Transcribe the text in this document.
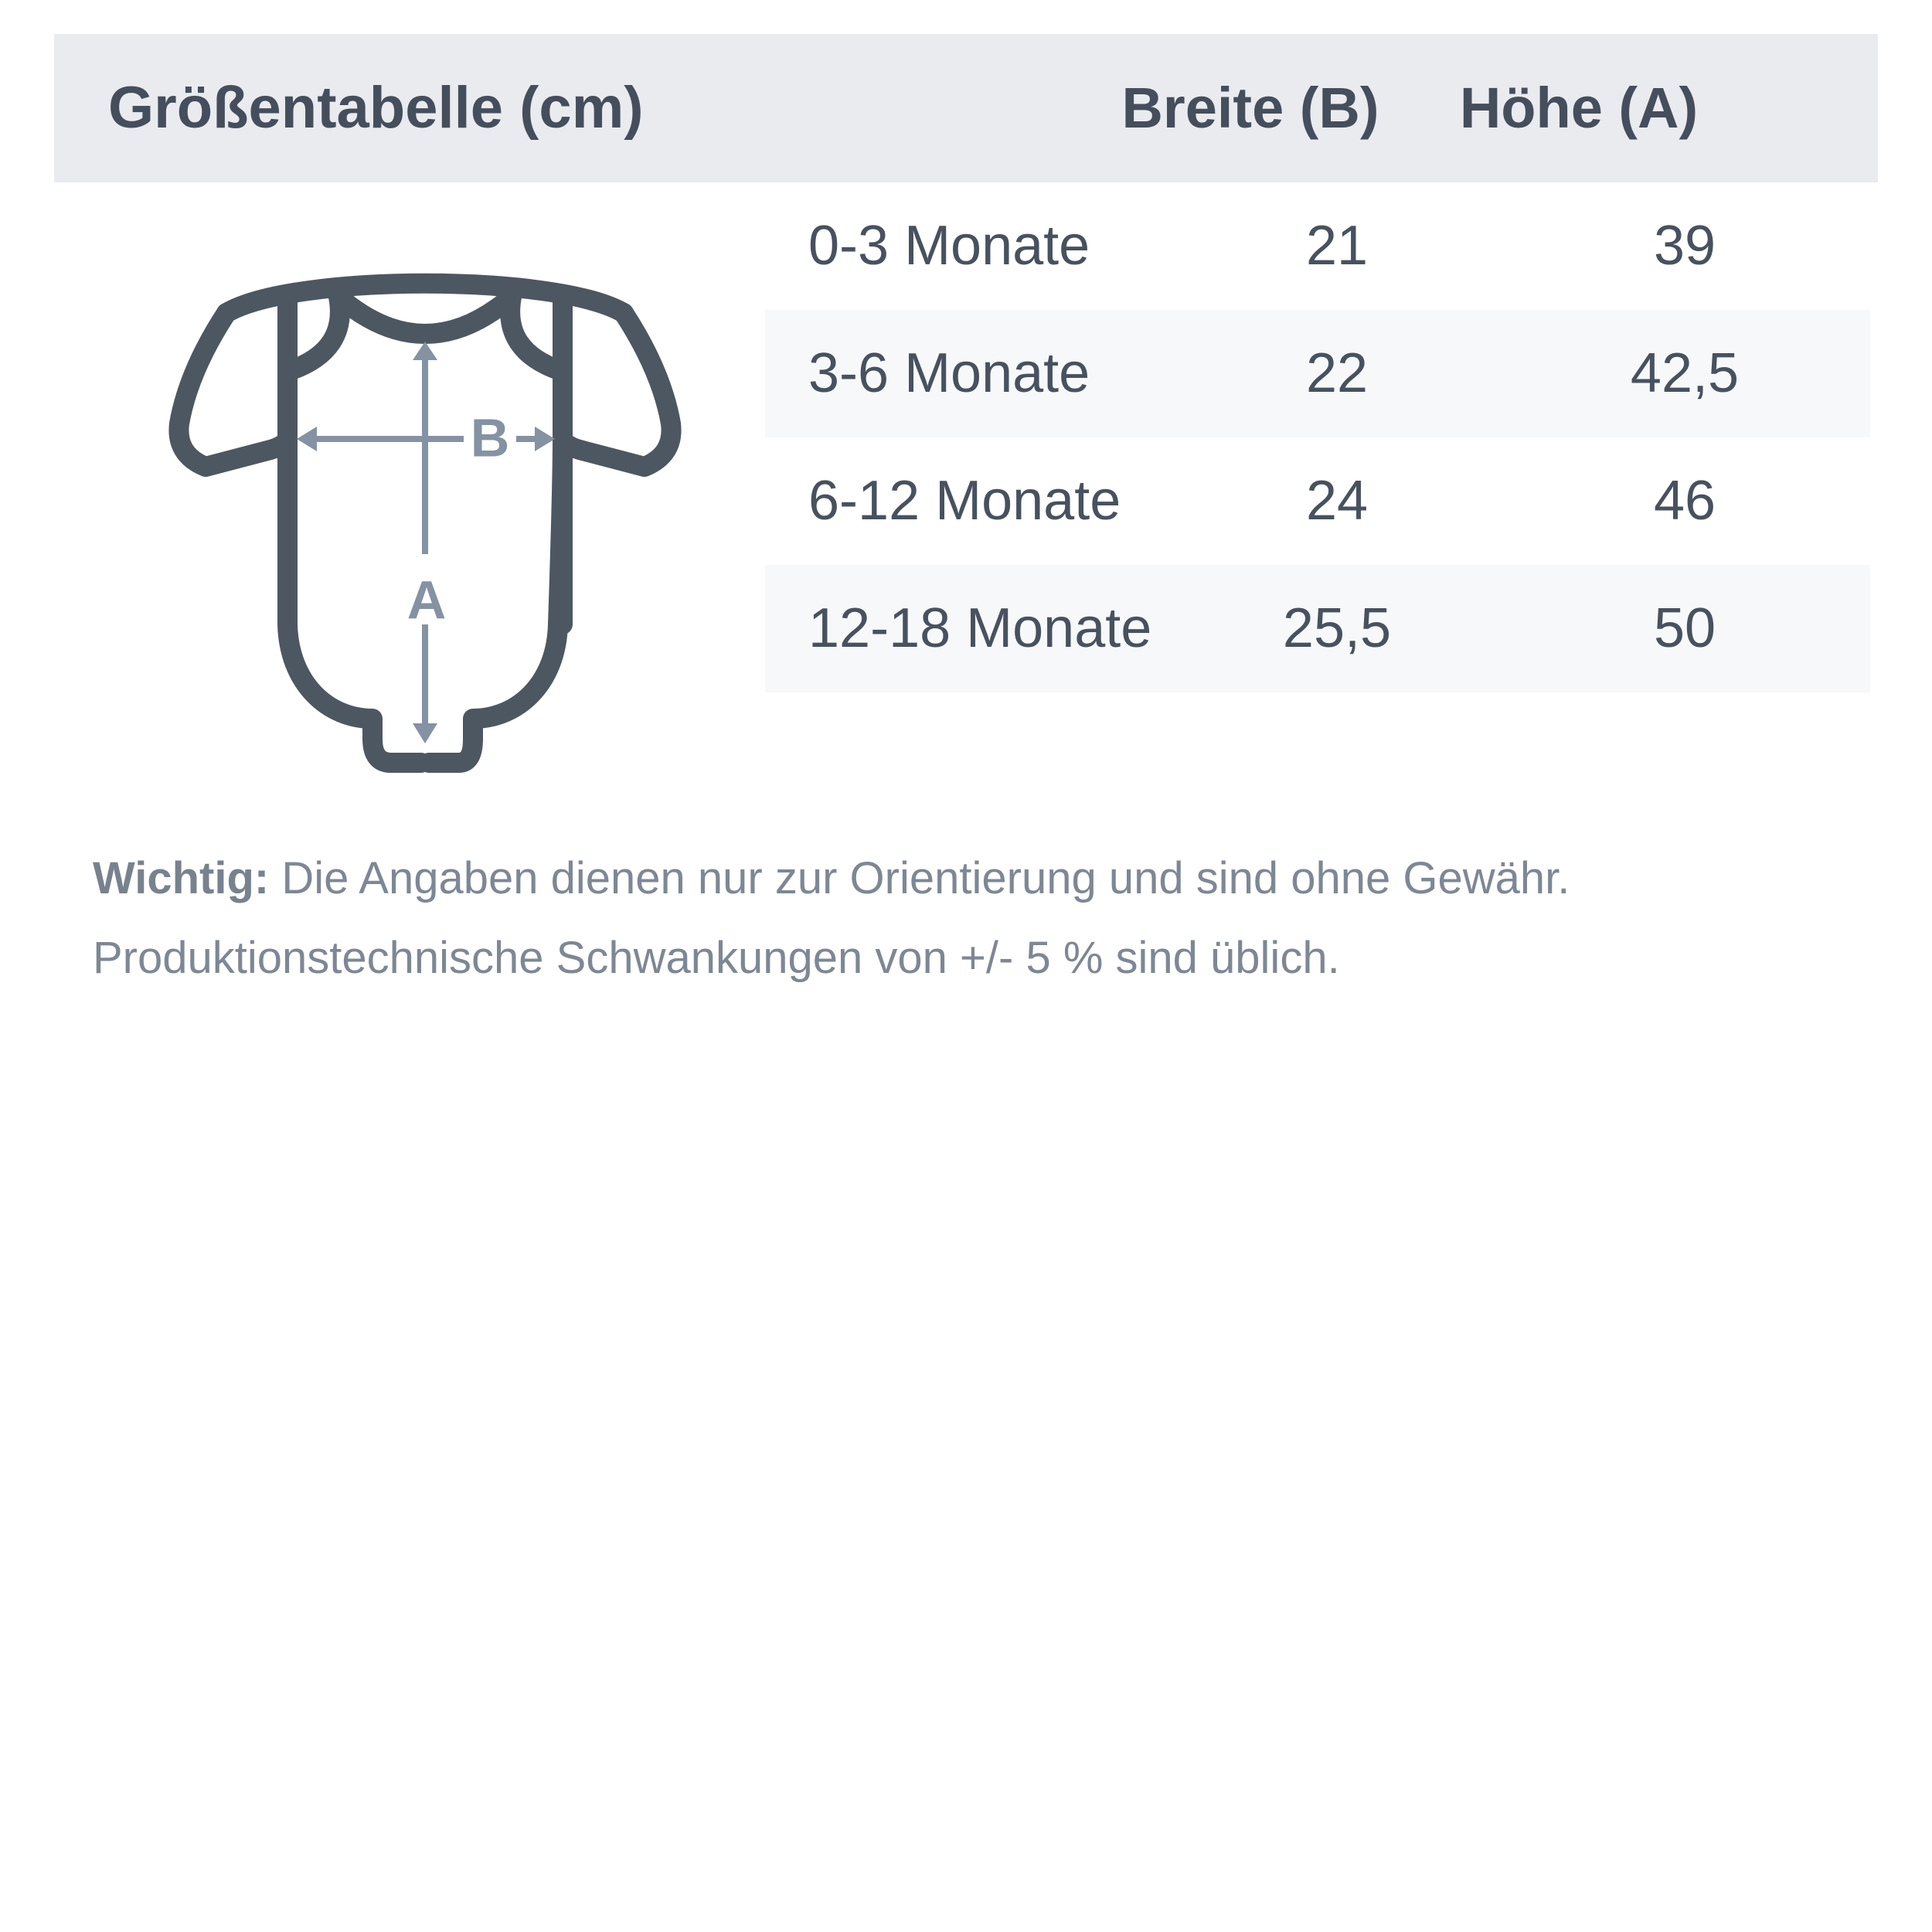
Größentabelle (cm)	Breite (B)	Höhe (A)
A
B
0-3 Monate	21	39
3-6 Monate	22	42,5
6-12 Monate	24	46
12-18 Monate	25,5	50
Wichtig: Die Angaben dienen nur zur Orientierung und sind ohne Gewähr.
Produktionstechnische Schwankungen von +/- 5 % sind üblich.
